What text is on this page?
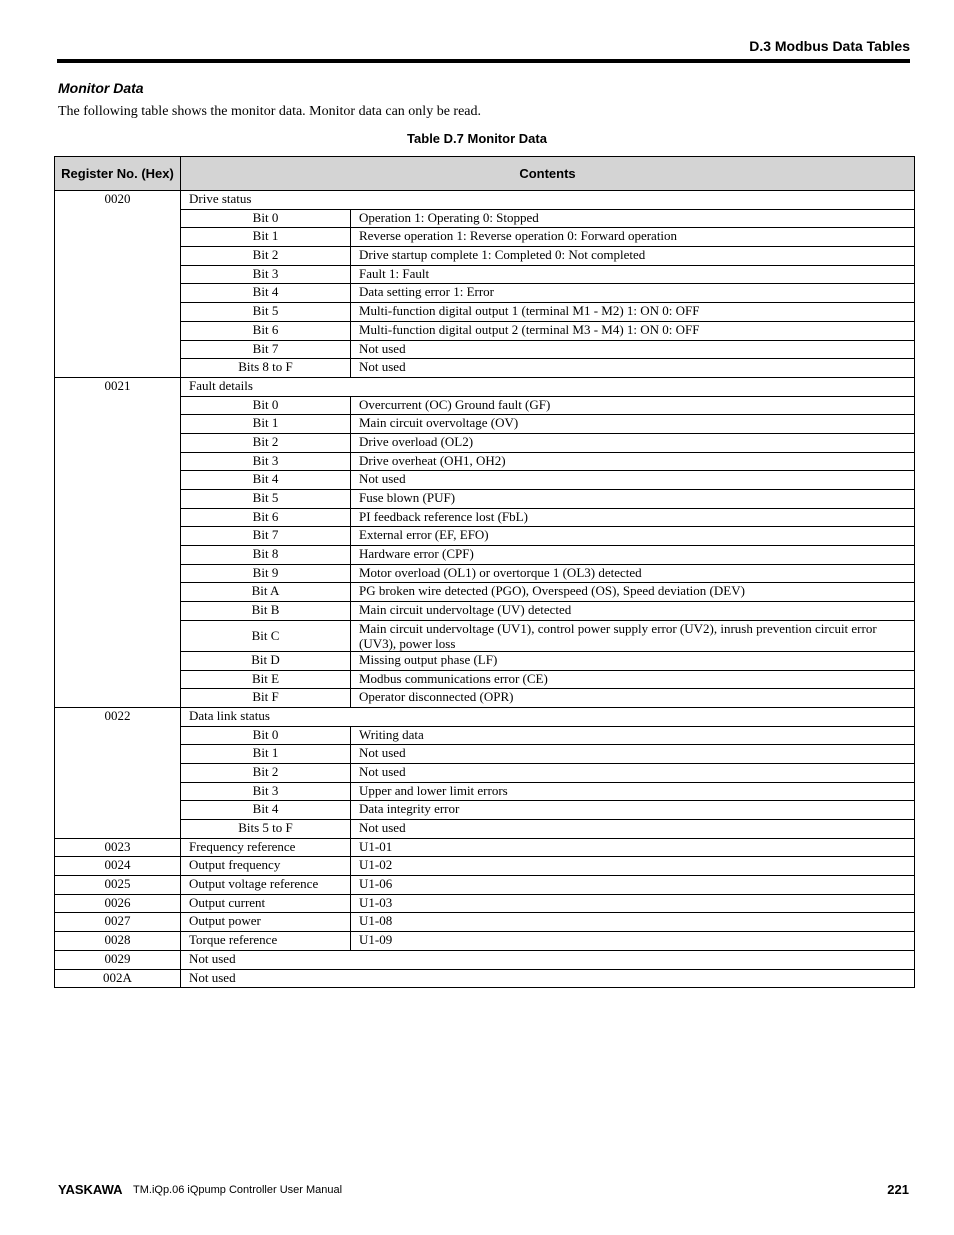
D.3 Modbus Data Tables
Monitor Data
The following table shows the monitor data. Monitor data can only be read.
Table D.7 Monitor Data
Register No. (Hex)	Contents	
0020	Drive status	
	Bit 0	Operation 1: Operating 0: Stopped
	Bit 1	Reverse operation 1: Reverse operation 0: Forward operation
	Bit 2	Drive startup complete 1: Completed 0: Not completed
	Bit 3	Fault 1: Fault
	Bit 4	Data setting error 1: Error
	Bit 5	Multi-function digital output 1 (terminal M1 - M2) 1: ON 0: OFF
	Bit 6	Multi-function digital output 2 (terminal M3 - M4) 1: ON 0: OFF
	Bit 7	Not used
	Bits 8 to F	Not used
0021	Fault details	
	Bit 0	Overcurrent (OC) Ground fault (GF)
	Bit 1	Main circuit overvoltage (OV)
	Bit 2	Drive overload (OL2)
	Bit 3	Drive overheat (OH1, OH2)
	Bit 4	Not used
	Bit 5	Fuse blown (PUF)
	Bit 6	PI feedback reference lost (FbL)
	Bit 7	External error (EF, EFO)
	Bit 8	Hardware error (CPF)
	Bit 9	Motor overload (OL1) or overtorque 1 (OL3) detected
	Bit A	PG broken wire detected (PGO), Overspeed (OS), Speed deviation (DEV)
	Bit B	Main circuit undervoltage (UV) detected
	Bit C	Main circuit undervoltage (UV1), control power supply error (UV2), inrush prevention circuit error (UV3), power loss
	Bit D	Missing output phase (LF)
	Bit E	Modbus communications error (CE)
	Bit F	Operator disconnected (OPR)
0022	Data link status	
	Bit 0	Writing data
	Bit 1	Not used
	Bit 2	Not used
	Bit 3	Upper and lower limit errors
	Bit 4	Data integrity error
	Bits 5 to F	Not used
0023	Frequency reference	U1-01
0024	Output frequency	U1-02
0025	Output voltage reference	U1-06
0026	Output current	U1-03
0027	Output power	U1-08
0028	Torque reference	U1-09
0029	Not used	
002A	Not used	
YASKAWA TM.iQp.06 iQpump Controller User Manual	221
